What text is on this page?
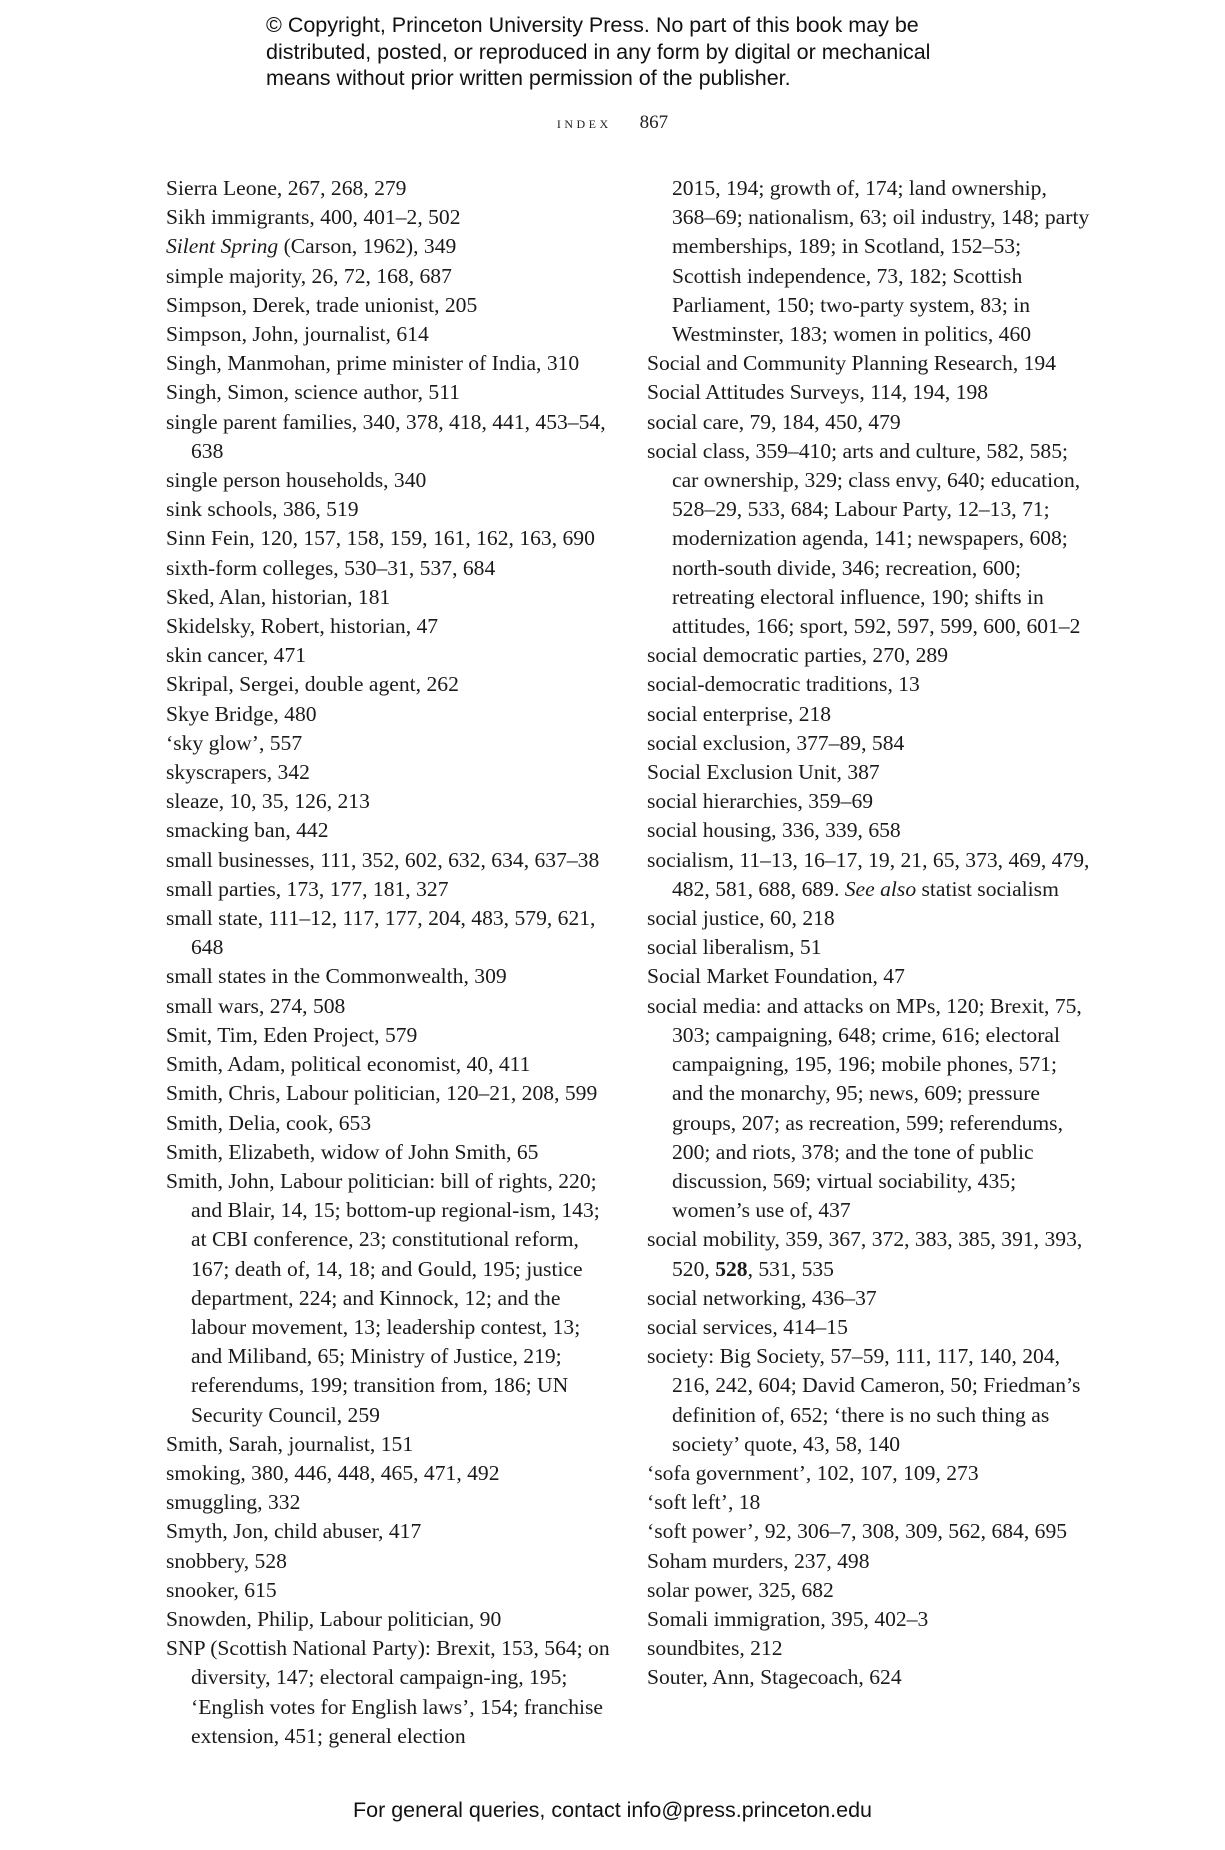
© Copyright, Princeton University Press. No part of this book may be
distributed, posted, or reproduced in any form by digital or mechanical
means without prior written permission of the publisher.
index 867

Sierra Leone, 267, 268, 279

Sikh immigrants, 400, 401–2, 502

Silent Spring (Carson, 1962), 349

simple majority, 26, 72, 168, 687

Simpson, Derek, trade unionist, 205

Simpson, John, journalist, 614

Singh, Manmohan, prime minister of India, 310

Singh, Simon, science author, 511

single parent families, 340, 378, 418, 441, 453–54, 638

single person households, 340

sink schools, 386, 519

Sinn Fein, 120, 157, 158, 159, 161, 162, 163, 690

sixth-form colleges, 530–31, 537, 684

Sked, Alan, historian, 181

Skidelsky, Robert, historian, 47

skin cancer, 471

Skripal, Sergei, double agent, 262

Skye Bridge, 480

‘sky glow’, 557

skyscrapers, 342

sleaze, 10, 35, 126, 213

smacking ban, 442

small businesses, 111, 352, 602, 632, 634, 637–38

small parties, 173, 177, 181, 327

small state, 111–12, 117, 177, 204, 483, 579, 621, 648

small states in the Commonwealth, 309

small wars, 274, 508

Smit, Tim, Eden Project, 579

Smith, Adam, political economist, 40, 411

Smith, Chris, Labour politician, 120–21, 208, 599

Smith, Delia, cook, 653

Smith, Elizabeth, widow of John Smith, 65

Smith, John, Labour politician: bill of rights, 220; and Blair, 14, 15; bottom-up regional-ism, 143; at CBI conference, 23; constitutional reform, 167; death of, 14, 18; and Gould, 195; justice department, 224; and Kinnock, 12; and the labour movement, 13; leadership contest, 13; and Miliband, 65; Ministry of Justice, 219; referendums, 199; transition from, 186; UN Security Council, 259

Smith, Sarah, journalist, 151

smoking, 380, 446, 448, 465, 471, 492

smuggling, 332

Smyth, Jon, child abuser, 417

snobbery, 528

snooker, 615

Snowden, Philip, Labour politician, 90

SNP (Scottish National Party): Brexit, 153, 564; on diversity, 147; electoral campaign-ing, 195; ‘English votes for English laws’, 154; franchise extension, 451; general election

2015, 194; growth of, 174; land ownership, 368–69; nationalism, 63; oil industry, 148; party memberships, 189; in Scotland, 152–53; Scottish independence, 73, 182; Scottish Parliament, 150; two-party system, 83; in Westminster, 183; women in politics, 460

Social and Community Planning Research, 194

Social Attitudes Surveys, 114, 194, 198

social care, 79, 184, 450, 479

social class, 359–410; arts and culture, 582, 585; car ownership, 329; class envy, 640; education, 528–29, 533, 684; Labour Party, 12–13, 71; modernization agenda, 141; newspapers, 608; north-south divide, 346; recreation, 600; retreating electoral influence, 190; shifts in attitudes, 166; sport, 592, 597, 599, 600, 601–2

social democratic parties, 270, 289

social-democratic traditions, 13

social enterprise, 218

social exclusion, 377–89, 584

Social Exclusion Unit, 387

social hierarchies, 359–69

social housing, 336, 339, 658

socialism, 11–13, 16–17, 19, 21, 65, 373, 469, 479, 482, 581, 688, 689. See also statist socialism

social justice, 60, 218

social liberalism, 51

Social Market Foundation, 47

social media: and attacks on MPs, 120; Brexit, 75, 303; campaigning, 648; crime, 616; electoral campaigning, 195, 196; mobile phones, 571; and the monarchy, 95; news, 609; pressure groups, 207; as recreation, 599; referendums, 200; and riots, 378; and the tone of public discussion, 569; virtual sociability, 435; women’s use of, 437

social mobility, 359, 367, 372, 383, 385, 391, 393, 520, 528, 531, 535

social networking, 436–37

social services, 414–15

society: Big Society, 57–59, 111, 117, 140, 204, 216, 242, 604; David Cameron, 50; Friedman’s definition of, 652; ‘there is no such thing as society’ quote, 43, 58, 140

‘sofa government’, 102, 107, 109, 273

‘soft left’, 18

‘soft power’, 92, 306–7, 308, 309, 562, 684, 695

Soham murders, 237, 498

solar power, 325, 682

Somali immigration, 395, 402–3

soundbites, 212

Souter, Ann, Stagecoach, 624

For general queries, contact info@press.princeton.edu
